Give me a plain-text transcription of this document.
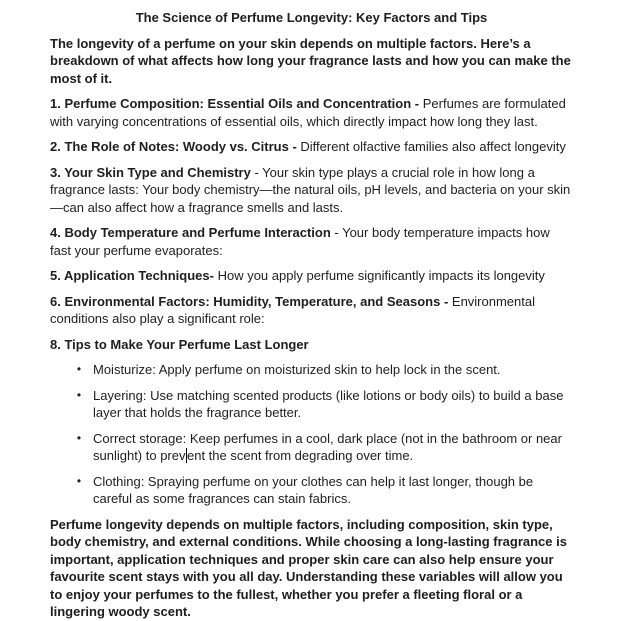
The Science of Perfume Longevity: Key Factors and Tips

The longevity of a perfume on your skin depends on multiple factors. Here’s a breakdown of what affects how long your fragrance lasts and how you can make the most of it.

1. Perfume Composition: Essential Oils and Concentration - Perfumes are formulated with varying concentrations of essential oils, which directly impact how long they last.

2. The Role of Notes: Woody vs. Citrus - Different olfactive families also affect longevity

3. Your Skin Type and Chemistry - Your skin type plays a crucial role in how long a fragrance lasts: Your body chemistry—the natural oils, pH levels, and bacteria on your skin—can also affect how a fragrance smells and lasts.

4. Body Temperature and Perfume Interaction - Your body temperature impacts how fast your perfume evaporates:

5. Application Techniques- How you apply perfume significantly impacts its longevity

6. Environmental Factors: Humidity, Temperature, and Seasons - Environmental conditions also play a significant role:

8. Tips to Make Your Perfume Last Longer

• Moisturize: Apply perfume on moisturized skin to help lock in the scent.
• Layering: Use matching scented products (like lotions or body oils) to build a base layer that holds the fragrance better.
• Correct storage: Keep perfumes in a cool, dark place (not in the bathroom or near sunlight) to prev ent the scent from degrading over time.
• Clothing: Spraying perfume on your clothes can help it last longer, though be careful as some fragrances can stain fabrics.

Perfume longevity depends on multiple factors, including composition, skin type, body chemistry, and external conditions. While choosing a long-lasting fragrance is important, application techniques and proper skin care can also help ensure your favourite scent stays with you all day. Understanding these variables will allow you to enjoy your perfumes to the fullest, whether you prefer a fleeting floral or a lingering woody scent.
